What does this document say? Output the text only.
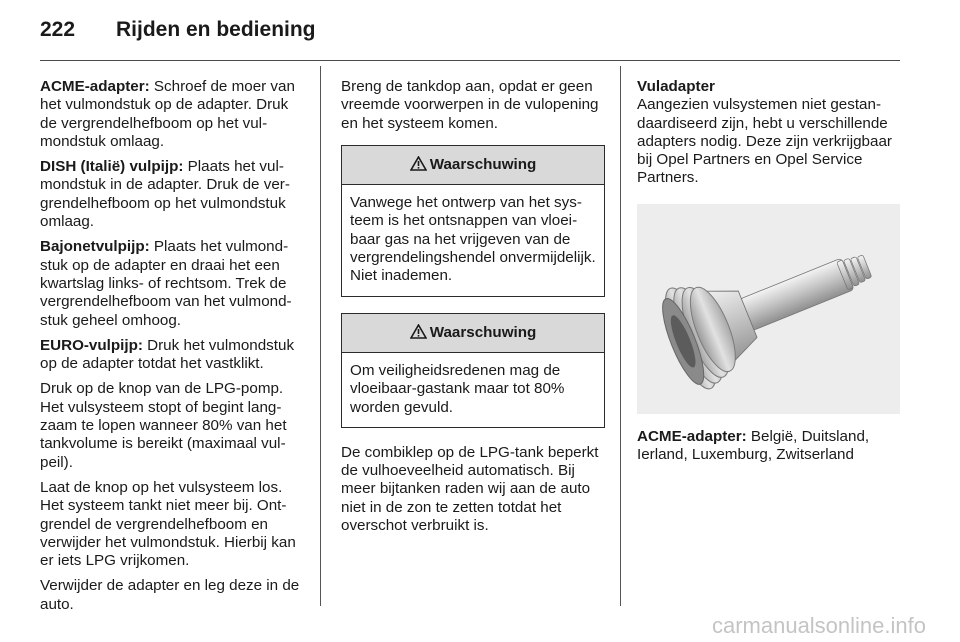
222 Rijden en bediening

ACME-adapter: Schroef de moer van het vulmondstuk op de adapter. Druk de vergrendelhefboom op het vulmondstuk omlaag.

DISH (Italië) vulpijp: Plaats het vulmondstuk in de adapter. Druk de vergrendelhefboom op het vulmondstuk omlaag.

Bajonetvulpijp: Plaats het vulmondstuk op de adapter en draai het een kwartslag links- of rechtsom. Trek de vergrendelhefboom van het vulmondstuk geheel omhoog.

EURO-vulpijp: Druk het vulmondstuk op de adapter totdat het vastklikt.

Druk op de knop van de LPG-pomp. Het vulsysteem stopt of begint langzaam te lopen wanneer 80% van het tankvolume is bereikt (maximaal vulpeil).

Laat de knop op het vulsysteem los. Het systeem tankt niet meer bij. Ontgrendel de vergrendelhefboom en verwijder het vulmondstuk. Hierbij kan er iets LPG vrijkomen.

Verwijder de adapter en leg deze in de auto.

Breng de tankdop aan, opdat er geen vreemde voorwerpen in de vulopening en het systeem komen.

Waarschuwing
Vanwege het ontwerp van het systeem is het ontsnappen van vloeibaar gas na het vrijgeven van de vergrendelingshendel onvermijdelijk. Niet inademen.
Waarschuwing
Om veiligheidsredenen mag de vloeibaar-gastank maar tot 80% worden gevuld.

De combiklep op de LPG-tank beperkt de vulhoeveelheid automatisch. Bij meer bijtanken raden wij aan de auto niet in de zon te zetten totdat het overschot verbruikt is.

Vuladapter

Aangezien vulsystemen niet gestandaardiseerd zijn, hebt u verschillende adapters nodig. Deze zijn verkrijgbaar bij Opel Partners en Opel Service Partners.

ACME-adapter: België, Duitsland, Ierland, Luxemburg, Zwitserland
carmanualsonline.info
